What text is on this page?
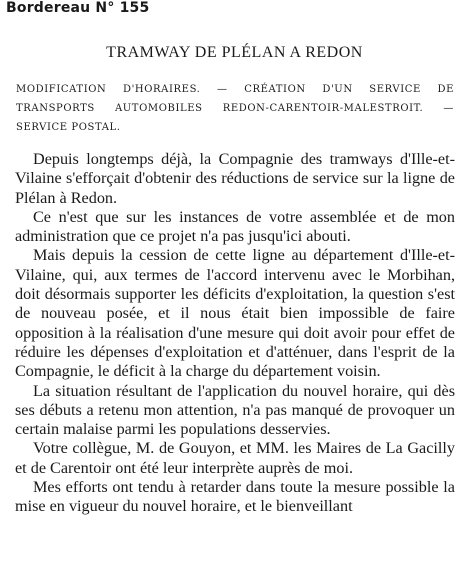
Bordereau N° 155
TRAMWAY DE PLÉLAN A REDON
MODIFICATION D'HORAIRES. — CRÉATION D'UN SERVICE DE TRANSPORTS AUTOMOBILES REDON-CARENTOIR-MALESTROIT. — SERVICE POSTAL.

Depuis longtemps déjà, la Compagnie des tramways d'Ille-et-Vilaine s'efforçait d'obtenir des réductions de service sur la ligne de Plélan à Redon.

Ce n'est que sur les instances de votre assemblée et de mon administration que ce projet n'a pas jusqu'ici abouti.

Mais depuis la cession de cette ligne au département d'Ille-et-Vilaine, qui, aux termes de l'accord intervenu avec le Morbihan, doit désormais supporter les déficits d'exploitation, la question s'est de nouveau posée, et il nous était bien impossible de faire opposition à la réalisation d'une mesure qui doit avoir pour effet de réduire les dépenses d'exploitation et d'atténuer, dans l'esprit de la Compagnie, le déficit à la charge du département voisin.

La situation résultant de l'application du nouvel horaire, qui dès ses débuts a retenu mon attention, n'a pas manqué de provoquer un certain malaise parmi les populations desservies.

Votre collègue, M. de Gouyon, et MM. les Maires de La Gacilly et de Carentoir ont été leur interprète auprès de moi.

Mes efforts ont tendu à retarder dans toute la mesure possible la mise en vigueur du nouvel horaire, et le bienveillant
